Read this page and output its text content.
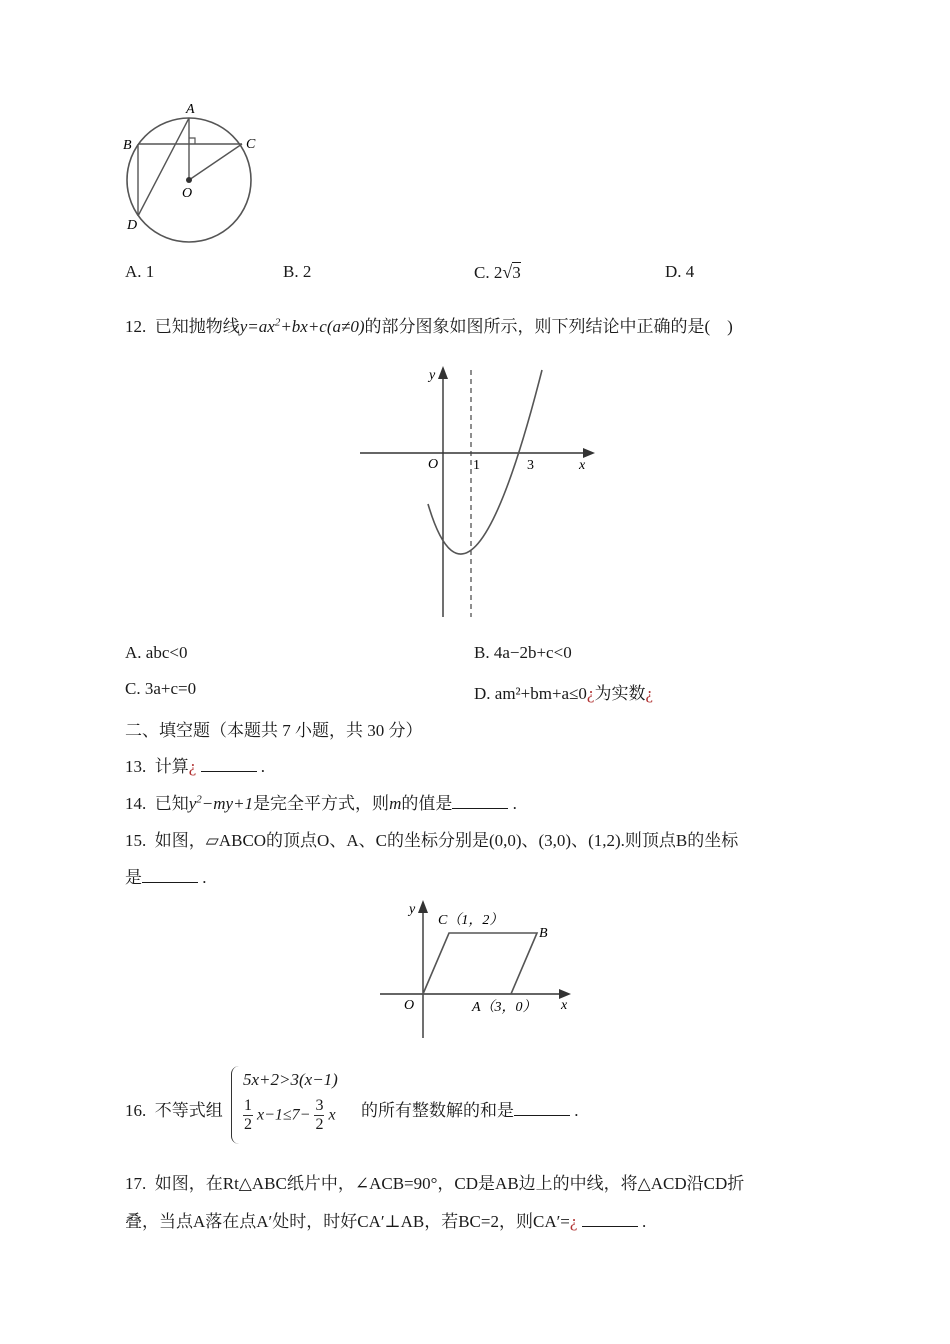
A
B	C
D
O
A. 1	B. 2	C. 2√3	D. 4
12. 已知抛物线$y=ax^2+bx+c(a\ne 0)$的部分图象如图所示，则下列结论中正确的是(　)
y
x
O 1	3
A. abc<0	B. 4a−2b+c<0
C. 3a+c=0	D. am²+bm+a≤0¿为实数¿
二、填空题（本题共 7 小题，共 30 分）
13. 计算¿	.
14. 已知$y^2-my+1$是完全平方式，则m的值是	.
15. 如图，▱ABCO的顶点O、A、C的坐标分别是(0,0)、(3,0)、(1,2).则顶点B的坐标
是	.
y
x
O
C（1，2）
B
A（3，0）
16. 不等式组
5x+2>3(x−1)
$\frac{1}{2} x-1\le 7- \frac{3}{2}$ x 的所有整数解的和是	.
17. 如图，在Rt△ABC纸片中，∠ACB=90°，CD是AB边上的中线，将△ACD沿CD折
叠，当点A落在点A′处时，时好CA′⊥AB，若BC=2，则CA′=¿	.
